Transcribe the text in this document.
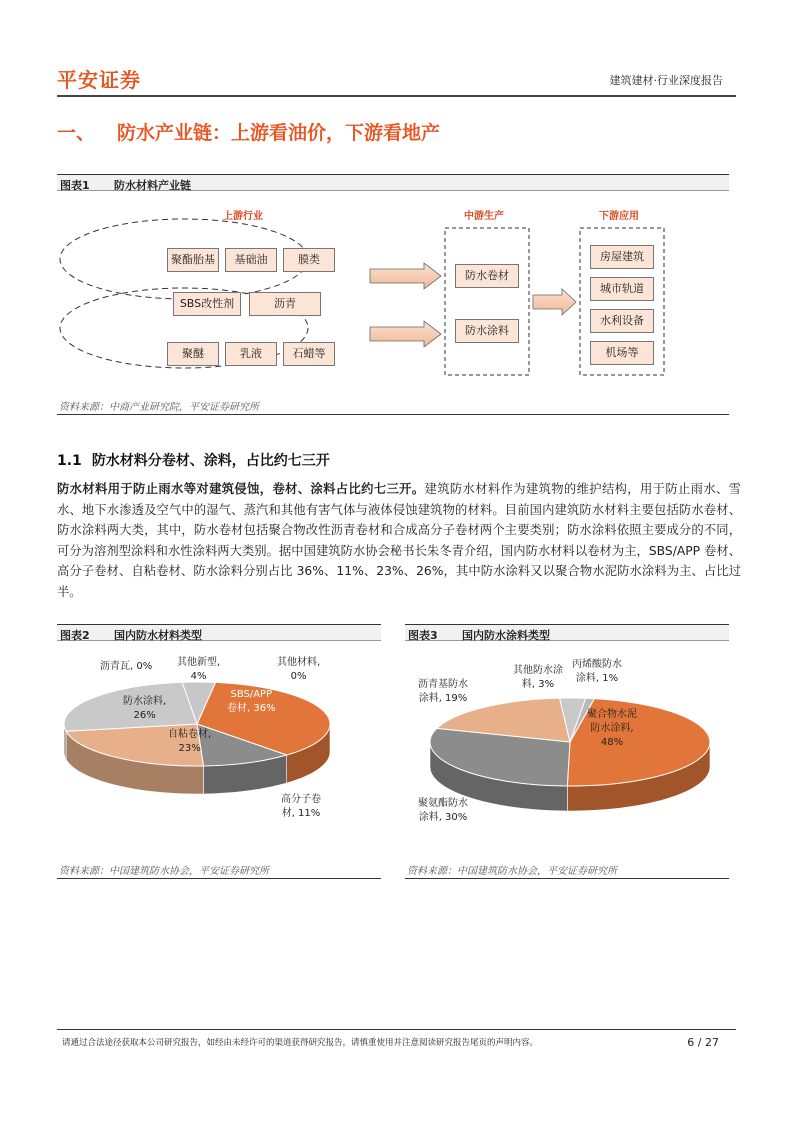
平安证券	建筑建材·行业深度报告
一、 防水产业链：上游看油价，下游看地产
图表1 防水材料产业链
上游行业	中游生产	下游应用
聚酯胎基	基础油	膜类
SBS改性剂	沥青
聚醚	乳液	石蜡等
防水卷材
防水涂料
房屋建筑
城市轨道
水利设备
机场等
资料来源：中商产业研究院，平安证券研究所
1.1 防水材料分卷材、涂料，占比约七三开
防水材料用于防止雨水等对建筑侵蚀，卷材、涂料占比约七三开。建筑防水材料作为建筑物的维护结构，用于防止雨水、雪水、地下水渗透及空气中的湿气、蒸汽和其他有害气体与液体侵蚀建筑物的材料。目前国内建筑防水材料主要包括防水卷材、防水涂料两大类，其中，防水卷材包括聚合物改性沥青卷材和合成高分子卷材两个主要类别；防水涂料依照主要成分的不同，可分为溶剂型涂料和水性涂料两大类别。据中国建筑防水协会秘书长朱冬青介绍，国内防水材料以卷材为主，SBS/APP 卷材、高分子卷材、自粘卷材、防水涂料分别占比 36%、11%、23%、26%，其中防水涂料又以聚合物水泥防水涂料为主、占比过半。
图表2 国内防水材料类型
SBS/APP
卷材, 36%
高分子卷
材, 11%
自粘卷材,
23%
防水涂料,
26%
沥青瓦, 0% 其他新型,
4%
其他材料,
0%
资料来源：中国建筑防水协会，平安证券研究所
图表3 国内防水涂料类型
聚合物水泥
防水涂料,
48%
聚氨酯防水
涂料, 30%
沥青基防水
涂料, 19%
其他防水涂
料, 3%
丙烯酸防水
涂料, 1%
资料来源：中国建筑防水协会，平安证券研究所
请通过合法途径获取本公司研究报告，如经由未经许可的渠道获得研究报告，请慎重使用并注意阅读研究报告尾页的声明内容。	6 / 27
